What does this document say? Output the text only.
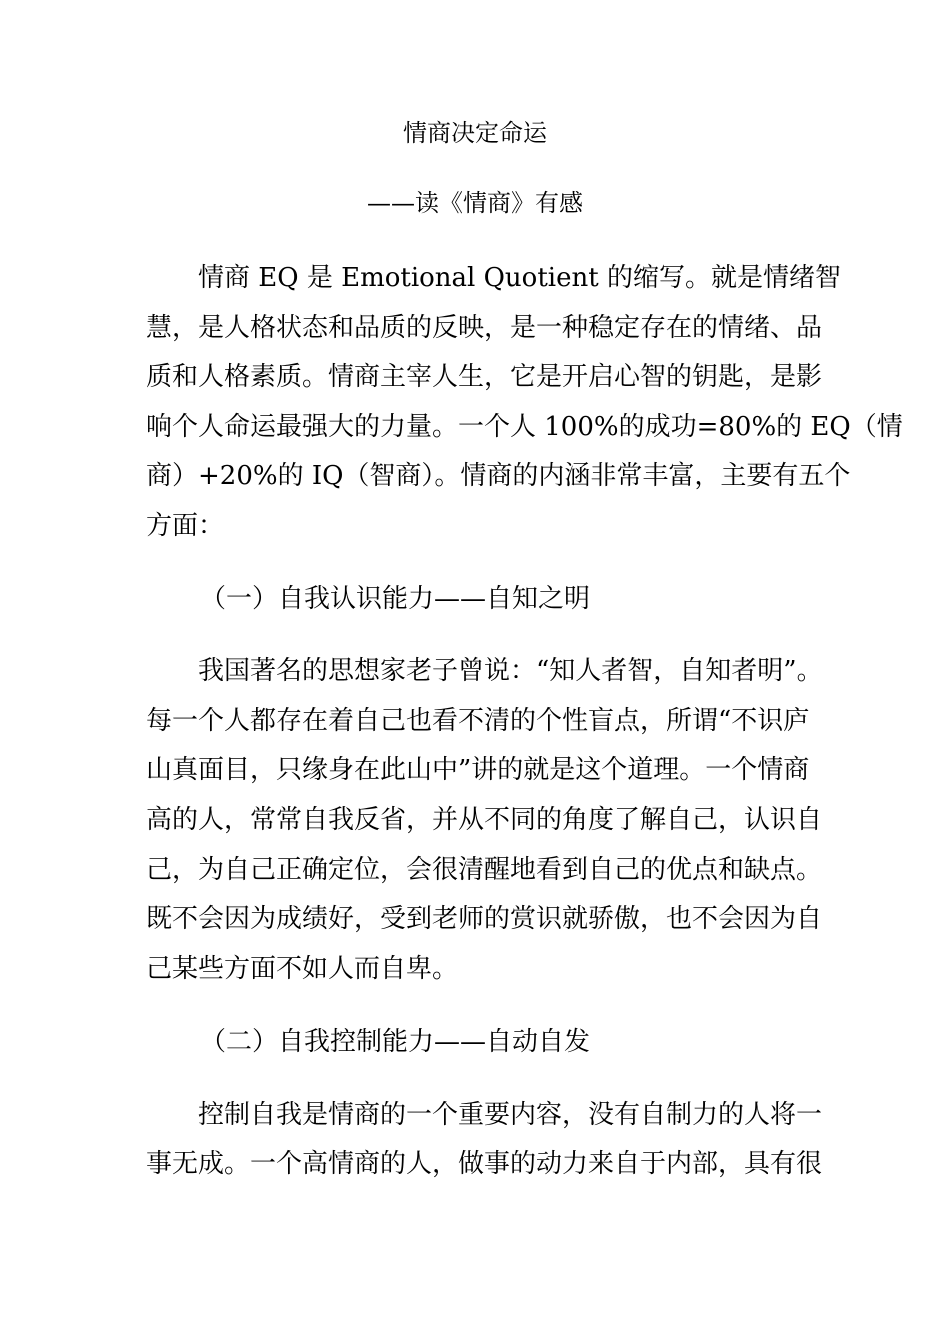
情商决定命运
——读《情商》有感
　　情商 EQ 是 Emotional Quotient 的缩写。就是情绪智
慧，是人格状态和品质的反映，是一种稳定存在的情绪、品
质和人格素质。情商主宰人生，它是开启心智的钥匙，是影
响个人命运最强大的力量。一个人 100%的成功=80%的 EQ（情
商）+20%的 IQ（智商）。情商的内涵非常丰富，主要有五个
方面：
（一）自我认识能力——自知之明
　　我国著名的思想家老子曾说：“知人者智，自知者明”。
每一个人都存在着自己也看不清的个性盲点，所谓“不识庐
山真面目，只缘身在此山中”讲的就是这个道理。一个情商
高的人，常常自我反省，并从不同的角度了解自己，认识自
己，为自己正确定位，会很清醒地看到自己的优点和缺点。
既不会因为成绩好，受到老师的赏识就骄傲，也不会因为自
己某些方面不如人而自卑。
（二）自我控制能力——自动自发
　　控制自我是情商的一个重要内容，没有自制力的人将一
事无成。一个高情商的人，做事的动力来自于内部，具有很
